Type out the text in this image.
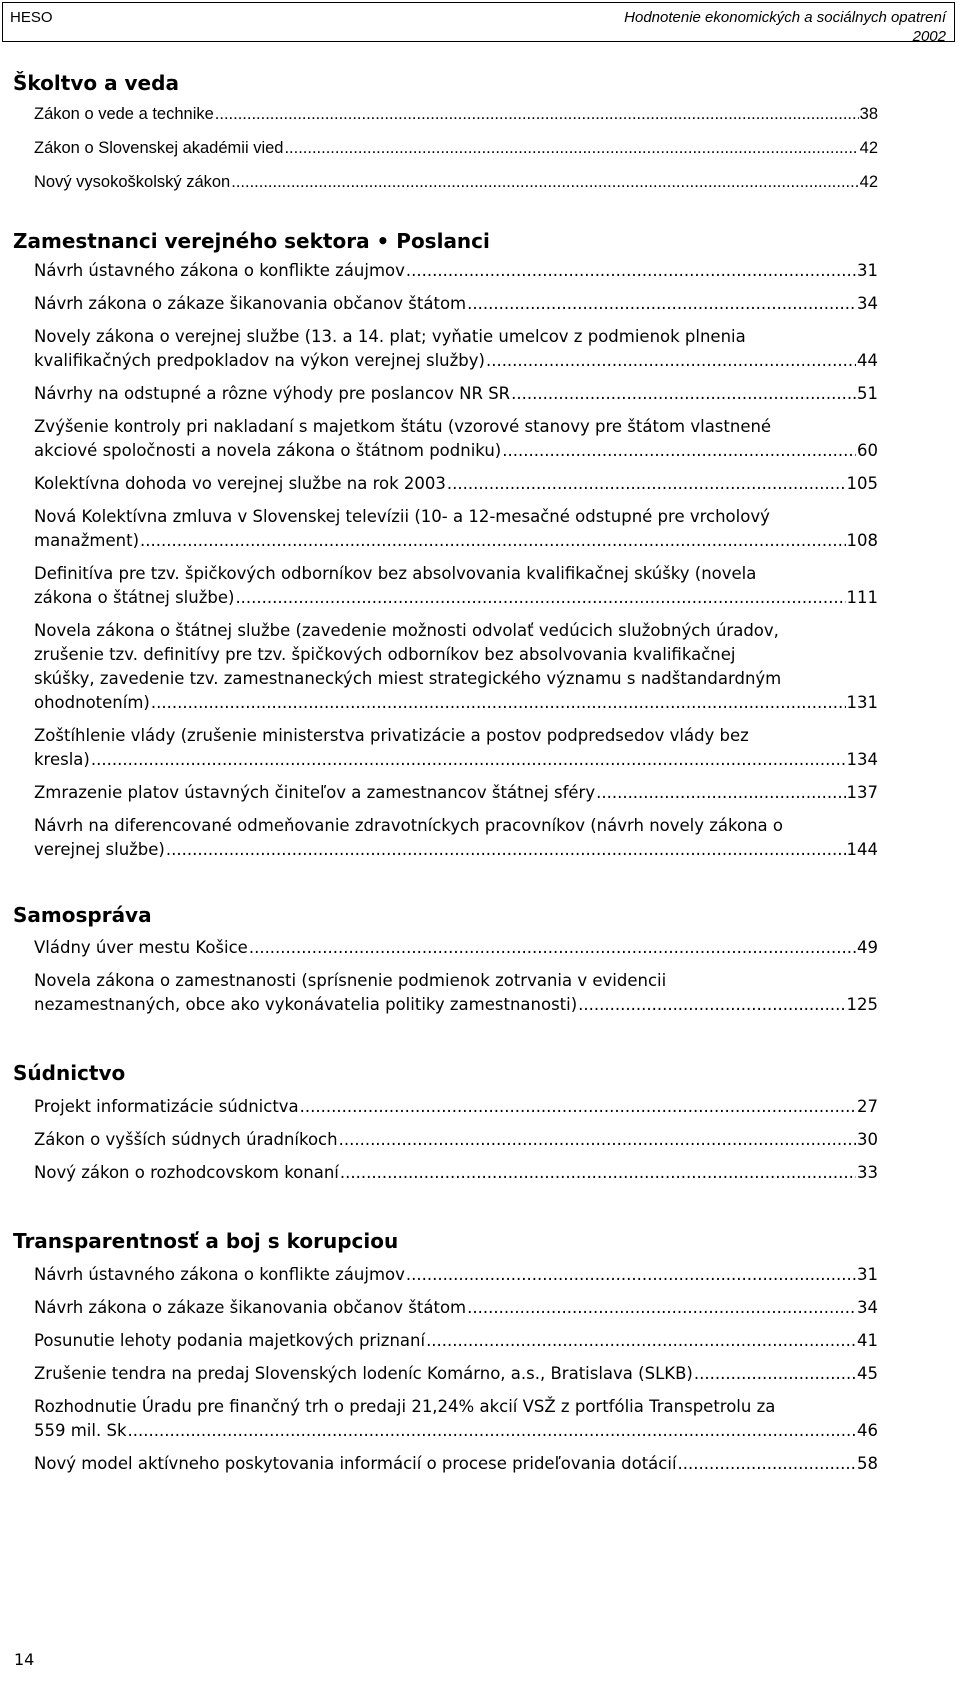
HESO	Hodnotenie ekonomických a sociálnych opatrení
2002
Školtvo a veda
Zákon o vede a technike .....	38
Zákon o Slovenskej akadémii vied .....	42
Nový vysokoškolský zákon .....	42
Zamestnanci verejného sektora • Poslanci
Návrh ústavného zákona o konflikte záujmov .....	31
Návrh zákona o zákaze šikanovania občanov štátom .....	34
Novely zákona o verejnej službe (13. a 14. plat; vyňatie umelcov z podmienok plnenia
kvalifikačných predpokladov na výkon verejnej služby) .....	44
Návrhy na odstupné a rôzne výhody pre poslancov NR SR .....	51
Zvýšenie kontroly pri nakladaní s majetkom štátu (vzorové stanovy pre štátom vlastnené
akciové spoločnosti a novela zákona o štátnom podniku) .....	60
Kolektívna dohoda vo verejnej službe na rok 2003 .....	105
Nová Kolektívna zmluva v Slovenskej televízii (10- a 12-mesačné odstupné pre vrcholový
manažment) .....	108
Definitíva pre tzv. špičkových odborníkov bez absolvovania kvalifikačnej skúšky (novela
zákona o štátnej službe) .....	111
Novela zákona o štátnej službe (zavedenie možnosti odvolať vedúcich služobných úradov,
zrušenie tzv. definitívy pre tzv. špičkových odborníkov bez absolvovania kvalifikačnej
skúšky, zavedenie tzv. zamestnaneckých miest strategického významu s nadštandardným
ohodnotením) .....	131
Zoštíhlenie vlády (zrušenie ministerstva privatizácie a postov podpredsedov vlády bez
kresla) .....	134
Zmrazenie platov ústavných činiteľov a zamestnancov štátnej sféry .....	137
Návrh na diferencované odmeňovanie zdravotníckych pracovníkov (návrh novely zákona o
verejnej službe) .....	144
Samospráva
Vládny úver mestu Košice .....	49
Novela zákona o zamestnanosti (sprísnenie podmienok zotrvania v evidencii
nezamestnaných, obce ako vykonávatelia politiky zamestnanosti) .....	125
Súdnictvo
Projekt informatizácie súdnictva .....	27
Zákon o vyšších súdnych úradníkoch .....	30
Nový zákon o rozhodcovskom konaní .....	33
Transparentnosť a boj s korupciou
Návrh ústavného zákona o konflikte záujmov .....	31
Návrh zákona o zákaze šikanovania občanov štátom .....	34
Posunutie lehoty podania majetkových priznaní .....	41
Zrušenie tendra na predaj Slovenských lodeníc Komárno, a.s., Bratislava (SLKB) .....	45
Rozhodnutie Úradu pre finančný trh o predaji 21,24% akcií VSŽ z portfólia Transpetrolu za
559 mil. Sk .....	46
Nový model aktívneho poskytovania informácií o procese prideľovania dotácií .....	58
14
